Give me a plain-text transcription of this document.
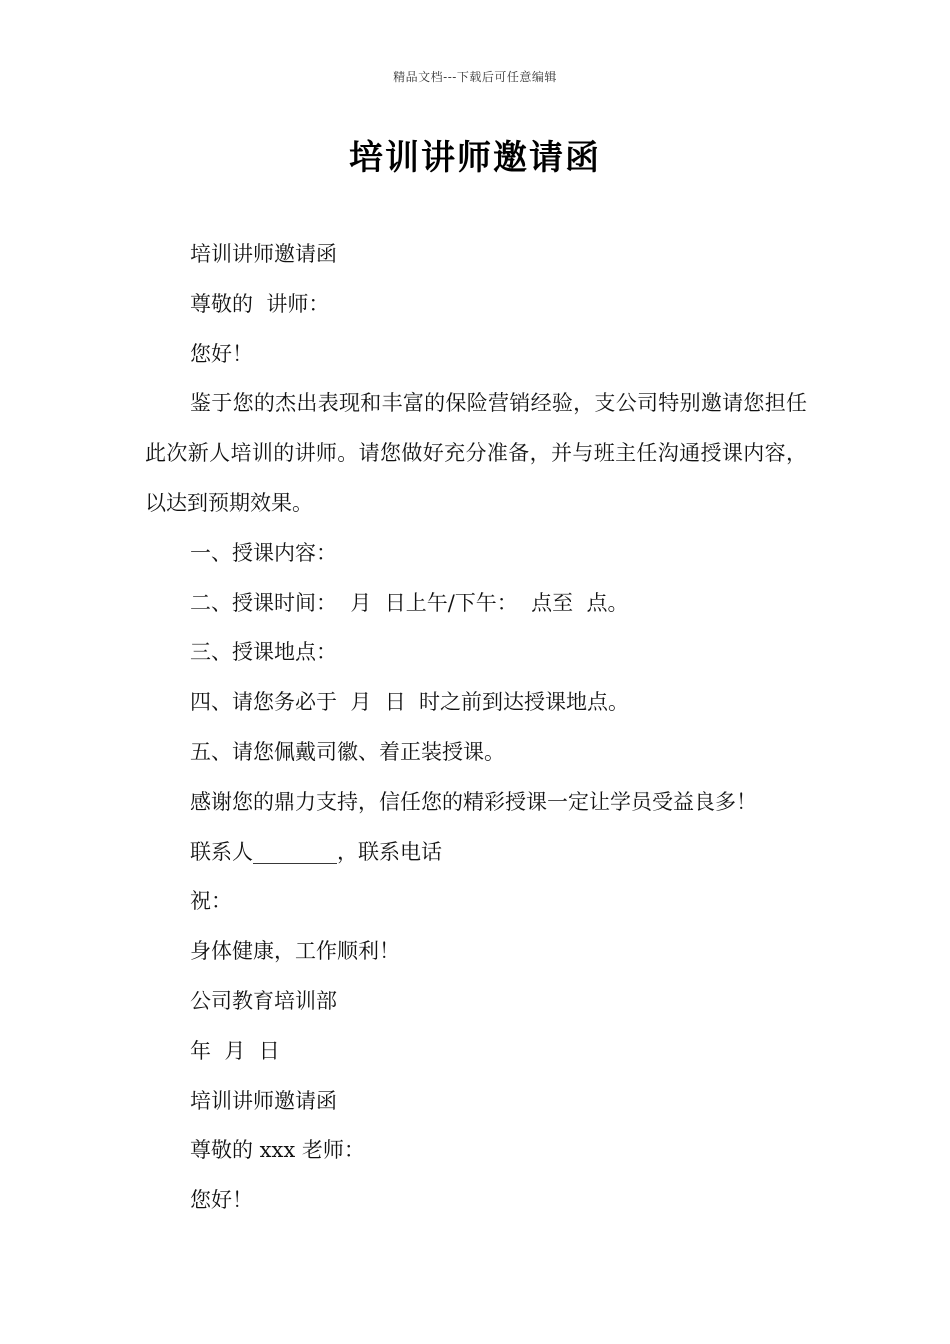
精品文档---下载后可任意编辑
培训讲师邀请函

培训讲师邀请函

尊敬的  讲师：

您好！

鉴于您的杰出表现和丰富的保险营销经验，支公司特别邀请您担任此次新人培训的讲师。请您做好充分准备，并与班主任沟通授课内容，以达到预期效果。

一、授课内容：

二、授课时间：  月  日上午/下午：  点至  点。

三、授课地点：

四、请您务必于  月  日  时之前到达授课地点。

五、请您佩戴司徽、着正装授课。

感谢您的鼎力支持，信任您的精彩授课一定让学员受益良多！

联系人________，联系电话

祝：

身体健康，工作顺利！

公司教育培训部

年  月  日

培训讲师邀请函

尊敬的 xxx 老师：

您好！
